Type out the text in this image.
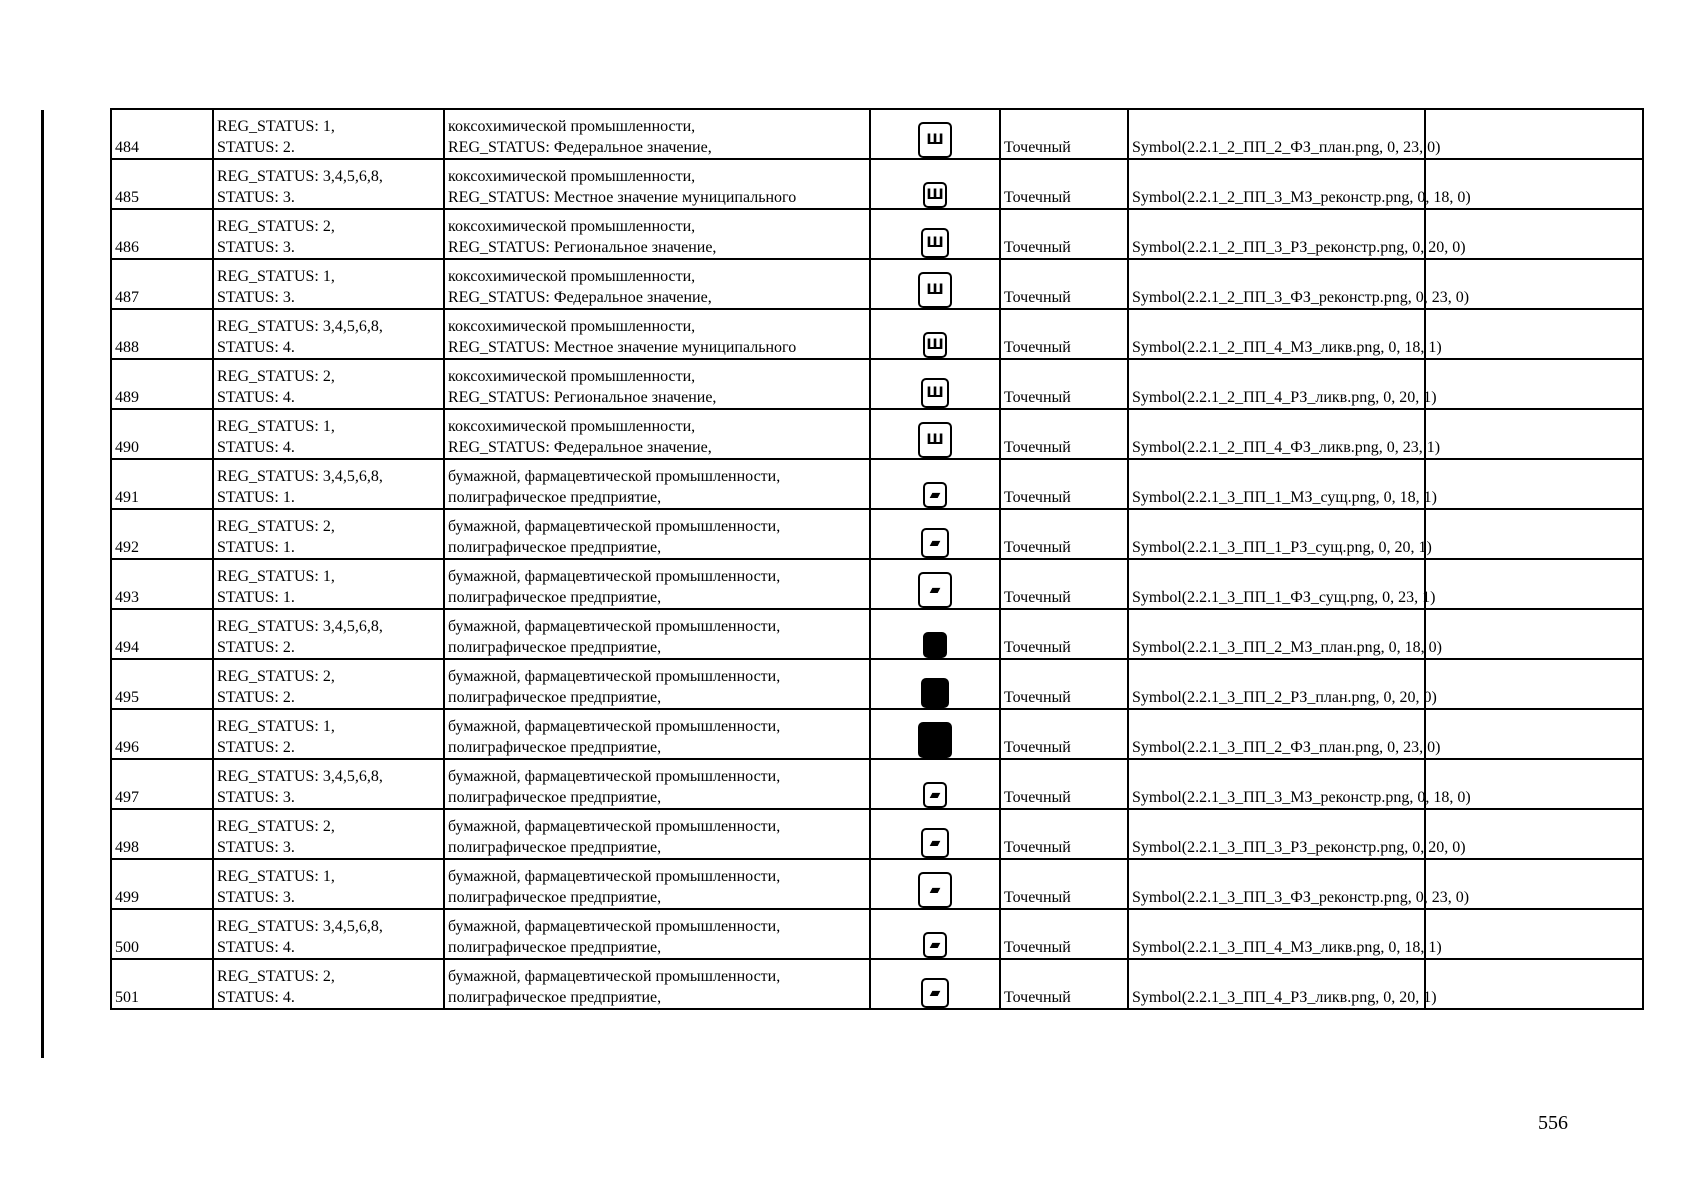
484	REG_STATUS: 1,
STATUS: 2.	коксохимической промышленности,
REG_STATUS: Федеральное значение,	Ш	Точечный	Symbol(2.2.1_2_ПП_2_ФЗ_план.png, 0, 23, 0)	
485	REG_STATUS: 3,4,5,6,8,
STATUS: 3.	коксохимической промышленности,
REG_STATUS: Местное значение муниципального	Ш	Точечный	Symbol(2.2.1_2_ПП_3_МЗ_реконстр.png, 0, 18, 0)	
486	REG_STATUS: 2,
STATUS: 3.	коксохимической промышленности,
REG_STATUS: Региональное значение,	Ш	Точечный	Symbol(2.2.1_2_ПП_3_РЗ_реконстр.png, 0, 20, 0)	
487	REG_STATUS: 1,
STATUS: 3.	коксохимической промышленности,
REG_STATUS: Федеральное значение,	Ш	Точечный	Symbol(2.2.1_2_ПП_3_ФЗ_реконстр.png, 0, 23, 0)	
488	REG_STATUS: 3,4,5,6,8,
STATUS: 4.	коксохимической промышленности,
REG_STATUS: Местное значение муниципального	Ш	Точечный	Symbol(2.2.1_2_ПП_4_МЗ_ликв.png, 0, 18, 1)	
489	REG_STATUS: 2,
STATUS: 4.	коксохимической промышленности,
REG_STATUS: Региональное значение,	Ш	Точечный	Symbol(2.2.1_2_ПП_4_РЗ_ликв.png, 0, 20, 1)	
490	REG_STATUS: 1,
STATUS: 4.	коксохимической промышленности,
REG_STATUS: Федеральное значение,	Ш	Точечный	Symbol(2.2.1_2_ПП_4_ФЗ_ликв.png, 0, 23, 1)	
491	REG_STATUS: 3,4,5,6,8,
STATUS: 1.	бумажной, фармацевтической промышленности,
полиграфическое предприятие,	▰	Точечный	Symbol(2.2.1_3_ПП_1_МЗ_сущ.png, 0, 18, 1)	
492	REG_STATUS: 2,
STATUS: 1.	бумажной, фармацевтической промышленности,
полиграфическое предприятие,	▰	Точечный	Symbol(2.2.1_3_ПП_1_РЗ_сущ.png, 0, 20, 1)	
493	REG_STATUS: 1,
STATUS: 1.	бумажной, фармацевтической промышленности,
полиграфическое предприятие,	▰	Точечный	Symbol(2.2.1_3_ПП_1_ФЗ_сущ.png, 0, 23, 1)	
494	REG_STATUS: 3,4,5,6,8,
STATUS: 2.	бумажной, фармацевтической промышленности,
полиграфическое предприятие,		Точечный	Symbol(2.2.1_3_ПП_2_МЗ_план.png, 0, 18, 0)	
495	REG_STATUS: 2,
STATUS: 2.	бумажной, фармацевтической промышленности,
полиграфическое предприятие,		Точечный	Symbol(2.2.1_3_ПП_2_РЗ_план.png, 0, 20, 0)	
496	REG_STATUS: 1,
STATUS: 2.	бумажной, фармацевтической промышленности,
полиграфическое предприятие,		Точечный	Symbol(2.2.1_3_ПП_2_ФЗ_план.png, 0, 23, 0)	
497	REG_STATUS: 3,4,5,6,8,
STATUS: 3.	бумажной, фармацевтической промышленности,
полиграфическое предприятие,	▰	Точечный	Symbol(2.2.1_3_ПП_3_МЗ_реконстр.png, 0, 18, 0)	
498	REG_STATUS: 2,
STATUS: 3.	бумажной, фармацевтической промышленности,
полиграфическое предприятие,	▰	Точечный	Symbol(2.2.1_3_ПП_3_РЗ_реконстр.png, 0, 20, 0)	
499	REG_STATUS: 1,
STATUS: 3.	бумажной, фармацевтической промышленности,
полиграфическое предприятие,	▰	Точечный	Symbol(2.2.1_3_ПП_3_ФЗ_реконстр.png, 0, 23, 0)	
500	REG_STATUS: 3,4,5,6,8,
STATUS: 4.	бумажной, фармацевтической промышленности,
полиграфическое предприятие,	▰	Точечный	Symbol(2.2.1_3_ПП_4_МЗ_ликв.png, 0, 18, 1)	
501	REG_STATUS: 2,
STATUS: 4.	бумажной, фармацевтической промышленности,
полиграфическое предприятие,	▰	Точечный	Symbol(2.2.1_3_ПП_4_РЗ_ликв.png, 0, 20, 1)	
556
